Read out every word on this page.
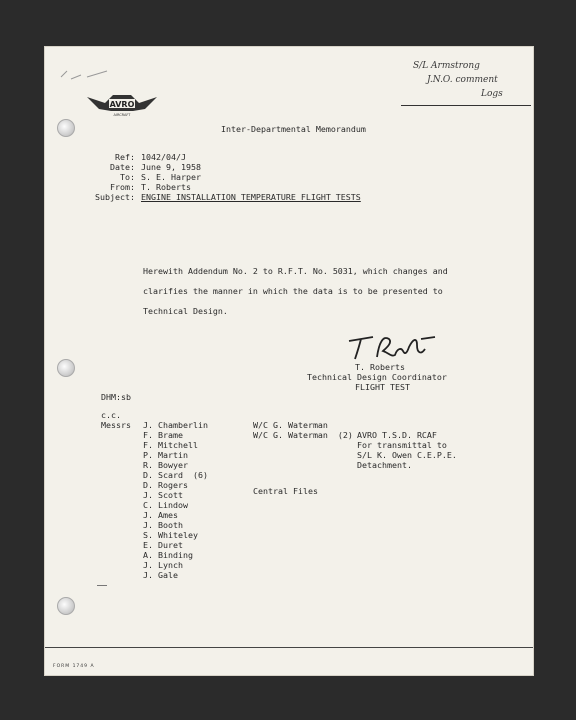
S/L Armstrong
J.N.O. comment
Logs
AVRO
AIRCRAFT
Inter-Departmental Memorandum
Ref: 1042/04/J
Date: June 9, 1958
To: S. E. Harper
From: T. Roberts
Subject: ENGINE INSTALLATION TEMPERATURE FLIGHT TESTS
Herewith Addendum No. 2 to R.F.T. No. 5031, which changes and
clarifies the manner in which the data is to be presented to
Technical Design.
T. Roberts
Technical Design Coordinator
FLIGHT TEST
DHM:sb
c.c.
Messrs J. Chamberlin
F. Brame
F. Mitchell
P. Martin
R. Bowyer
D. Scard  (6)
D. Rogers
J. Scott
C. Lindow
J. Ames
J. Booth
S. Whiteley
E. Duret
A. Binding
J. Lynch
J. Gale
W/C G. Waterman
W/C G. Waterman  (2) AVRO T.S.D. RCAF
For transmittal to
S/L K. Owen C.E.P.E.
Detachment.
Central Files
FORM 1749 A
